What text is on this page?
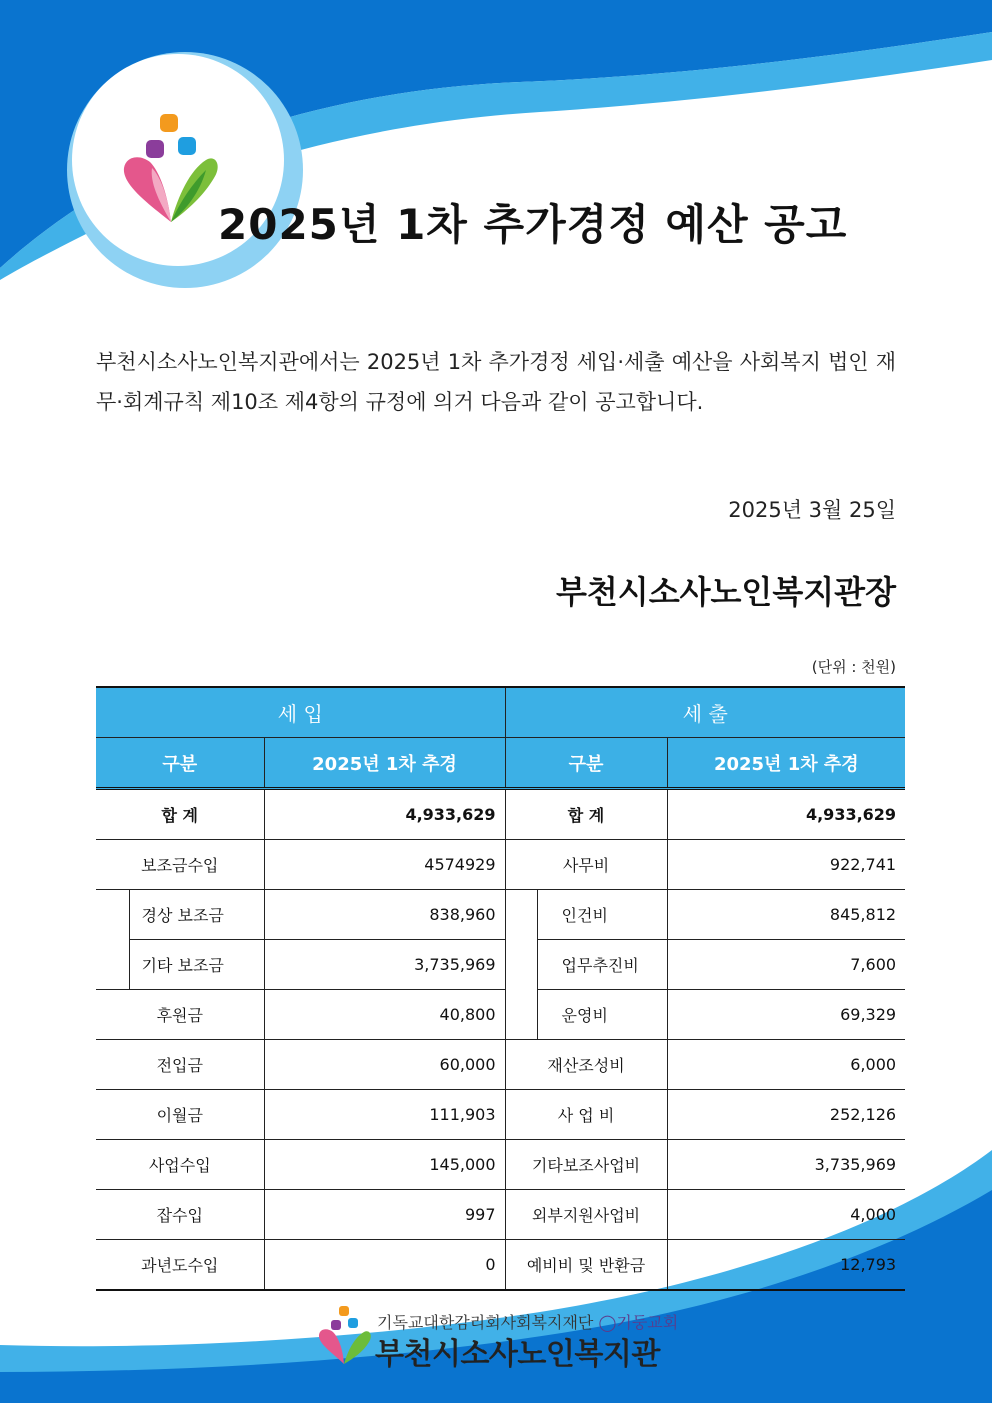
2025년 1차 추가경정 예산 공고

부천시소사노인복지관에서는 2025년 1차 추가경정 세입·세출 예산을 사회복지 법인 재무·회계규칙 제10조 제4항의 규정에 의거 다음과 같이 공고합니다.

2025년 3월 25일
부천시소사노인복지관장
(단위 : 천원)
세 입			세 출		
구분		2025년 1차 추경	구분		2025년 1차 추경
합 계		4,933,629	합 계		4,933,629
보조금수입		4574929	사무비		922,741
	경상 보조금	838,960		인건비	845,812
	기타 보조금	3,735,969		업무추진비	7,600
후원금		40,800		운영비	69,329
전입금		60,000	재산조성비		6,000
이월금		111,903	사 업 비		252,126
사업수입		145,000	기타보조사업비		3,735,969
잡수입		997	외부지원사업비		4,000
과년도수입		0	예비비 및 반환금		12,793
기독교대한감리회사회복지재단 ◯기둥교회
부천시소사노인복지관
